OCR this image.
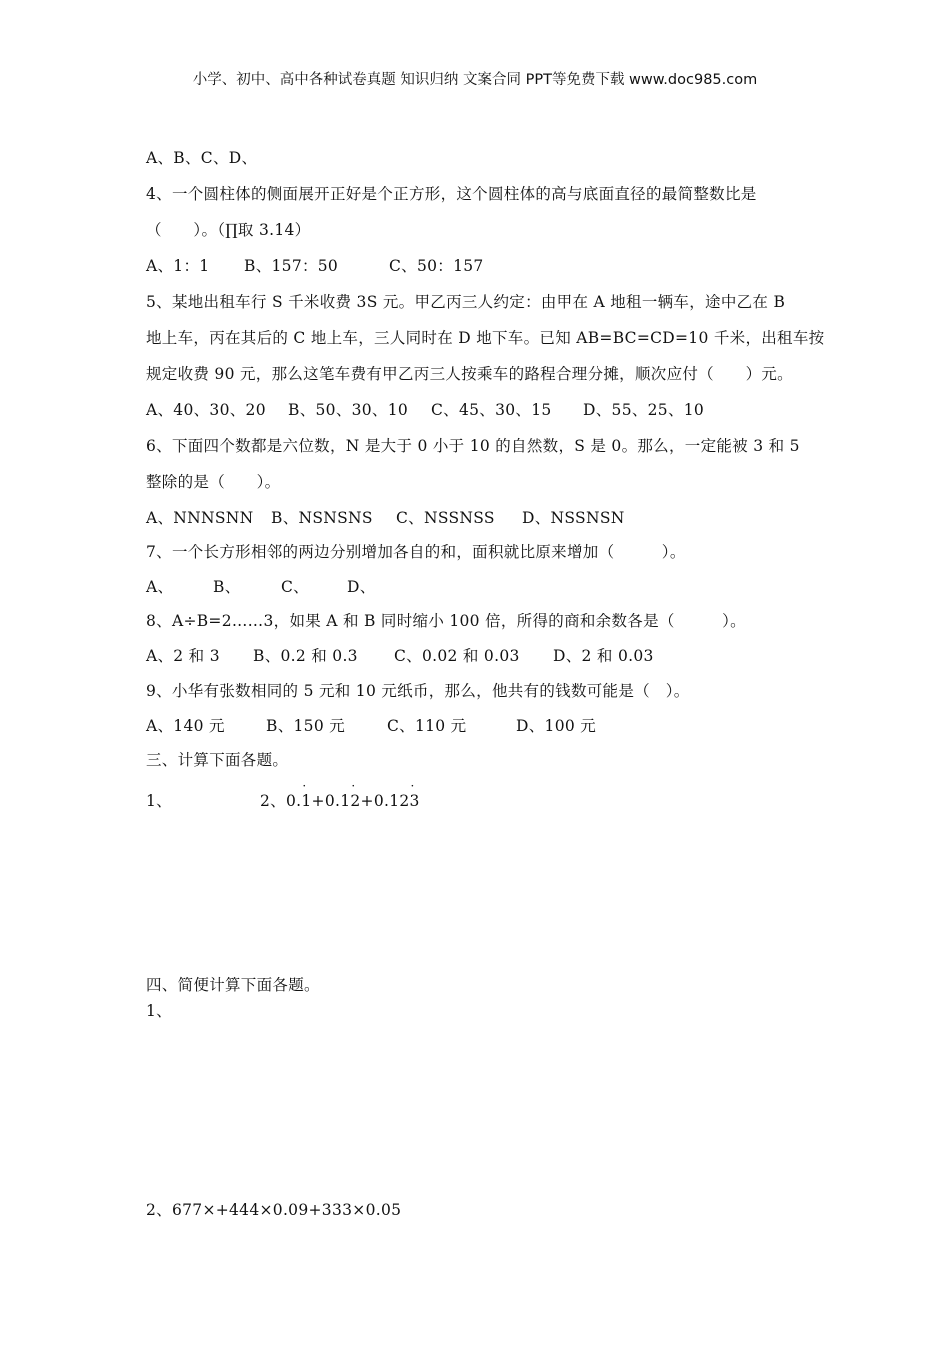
小学、初中、高中各种试卷真题 知识归纳 文案合同 PPT等免费下载 www.doc985.com
A、B、C、D、
4、一个圆柱体的侧面展开正好是个正方形，这个圆柱体的高与底面直径的最简整数比是
（　　）。（∏取 3.14）
A、1：1 B、157：50	C、50：157
5、某地出租车行 S 千米收费 3S 元。甲乙丙三人约定：由甲在 A 地租一辆车，途中乙在 B
地上车，丙在其后的 C 地上车，三人同时在 D 地下车。已知 AB=BC=CD=10 千米，出租车按
规定收费 90 元，那么这笔车费有甲乙丙三人按乘车的路程合理分摊，顺次应付（　　）元。
A、40、30、20 B、50、30、10 C、45、30、15 D、55、25、10
6、下面四个数都是六位数，N 是大于 0 小于 10 的自然数，S 是 0。那么，一定能被 3 和 5
整除的是（　　）。
A、NNNSNN B、NSNSNS C、NSSNSS D、NSSNSN
7、一个长方形相邻的两边分别增加各自的和，面积就比原来增加（　　　）。
A、	B、	C、 D、
8、A÷B=2……3，如果 A 和 B 同时缩小 100 倍，所得的商和余数各是（　　　）。
A、2 和 3 B、0.2 和 0.3 C、0.02 和 0.03 D、2 和 0.03
9、小华有张数相同的 5 元和 10 元纸币，那么，他共有的钱数可能是（　）。
A、140 元	B、150 元	C、110 元	D、100 元
三、计算下面各题。
1、	2、0.· 1+0.1· 2+0.12· 3
四、简便计算下面各题。
1、
2、677×+444×0.09+333×0.05
